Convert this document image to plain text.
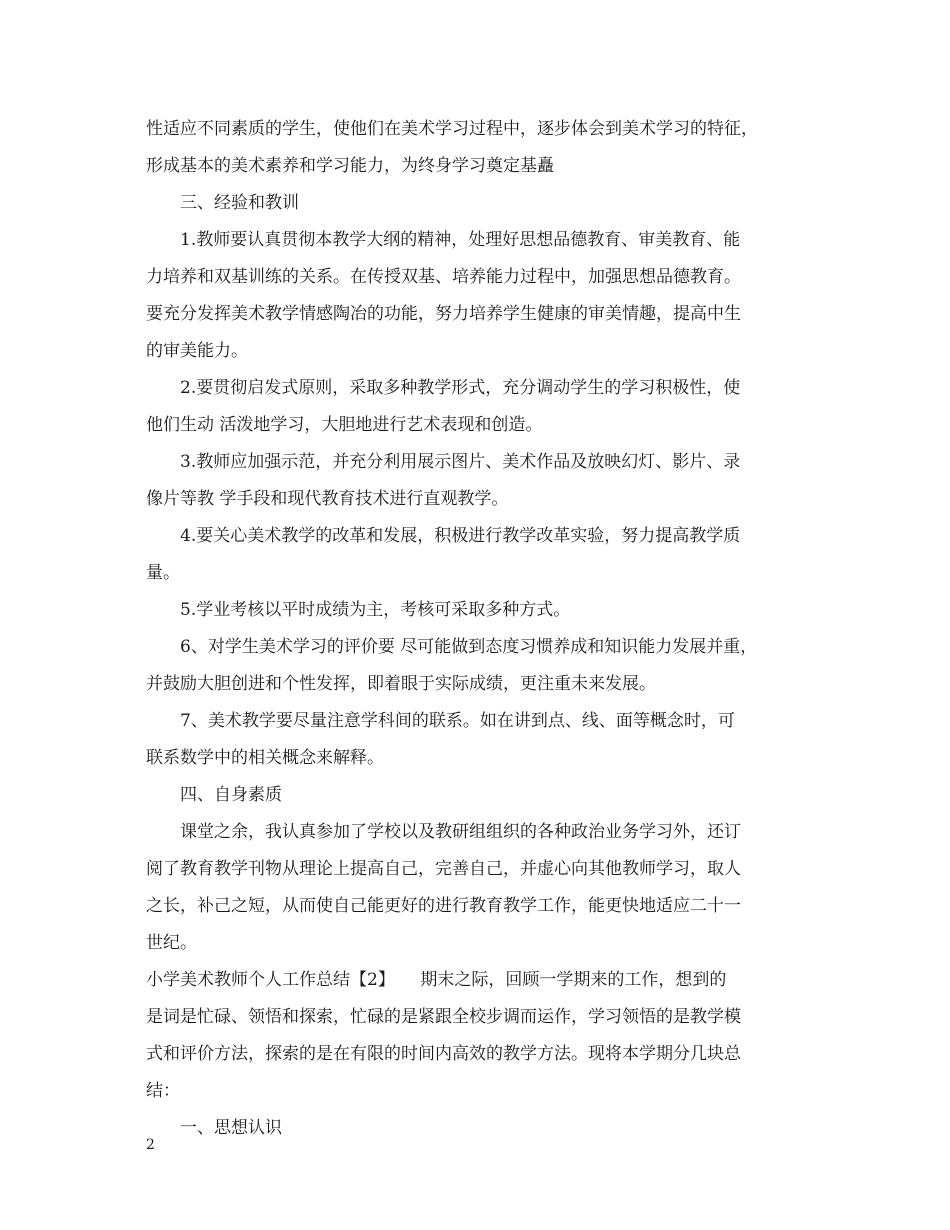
性适应不同素质的学生，使他们在美术学习过程中，逐步体会到美术学习的特征，
形成基本的美术素养和学习能力，为终身学习奠定基矗
三、经验和教训
1.教师要认真贯彻本教学大纲的精神，处理好思想品德教育、审美教育、能
力培养和双基训练的关系。在传授双基、培养能力过程中，加强思想品德教育。
要充分发挥美术教学情感陶冶的功能，努力培养学生健康的审美情趣，提高中生
的审美能力。
2.要贯彻启发式原则，采取多种教学形式，充分调动学生的学习积极性，使
他们生动 活泼地学习，大胆地进行艺术表现和创造。
3.教师应加强示范，并充分利用展示图片、美术作品及放映幻灯、影片、录
像片等教 学手段和现代教育技术进行直观教学。
4.要关心美术教学的改革和发展，积极进行教学改革实验，努力提高教学质
量。
5.学业考核以平时成绩为主，考核可采取多种方式。
6、对学生美术学习的评价要 尽可能做到态度习惯养成和知识能力发展并重，
并鼓励大胆创进和个性发挥，即着眼于实际成绩，更注重未来发展。
7、美术教学要尽量注意学科间的联系。如在讲到点、线、面等概念时，可
联系数学中的相关概念来解释。
四、自身素质
课堂之余，我认真参加了学校以及教研组组织的各种政治业务学习外，还订
阅了教育教学刊物从理论上提高自己，完善自己，并虚心向其他教师学习，取人
之长，补己之短，从而使自己能更好的进行教育教学工作，能更快地适应二十一
世纪。
小学美术教师个人工作总结【2】　　期末之际，回顾一学期来的工作，想到的
是词是忙碌、领悟和探索，忙碌的是紧跟全校步调而运作，学习领悟的是教学模
式和评价方法，探索的是在有限的时间内高效的教学方法。现将本学期分几块总
结：
一、思想认识
2
